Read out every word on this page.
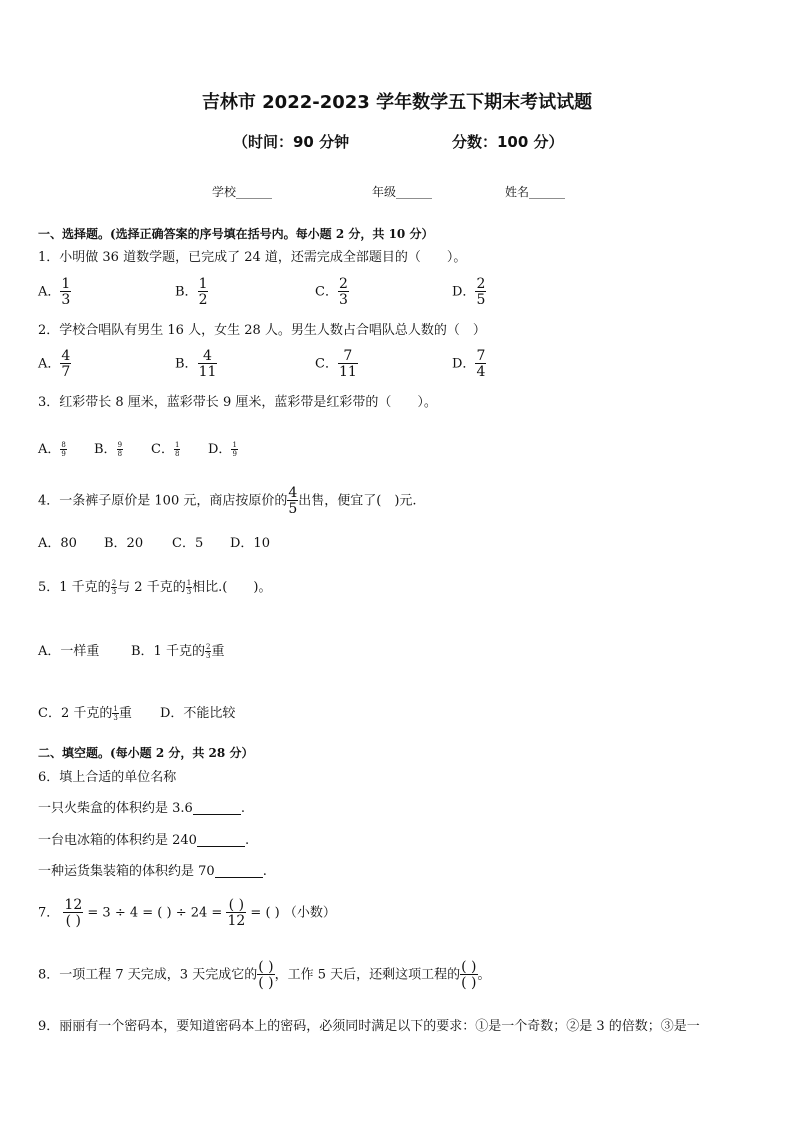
吉林市 2022-2023 学年数学五下期末考试试题
（时间：90 分钟	分数：100 分）
学校______	年级______	姓名______
一、选择题。(选择正确答案的序号填在括号内。每小题 2 分，共 10 分）
1．小明做 36 道数学题，已完成了 24 道，还需完成全部题目的（　　）。
A． $\frac{1}{3}$	B． $\frac{1}{2}$	C． $\frac{2}{3}$	D． $\frac{2}{5}$
2．学校合唱队有男生 16 人，女生 28 人。男生人数占合唱队总人数的（　）
A． $\frac{4}{7}$	B． $\frac{4}{11}$	C． $\frac{7}{11}$	D． $\frac{7}{4}$
3．红彩带长 8 厘米，蓝彩带长 9 厘米，蓝彩带是红彩带的（　　）。
A． $\frac{8}{9}$ B． $\frac{9}{8}$ C． $\frac{1}{8}$ D． $\frac{1}{9}$
4．一条裤子原价是 100 元，商店按原价的 $\frac{4}{5}$ 出售，便宜了(　)元.
A．80 B．20 C．5 D．10
5．1 千克的 $\frac{2}{3}$ 与 2 千克的 $\frac{1}{3}$ 相比.(　　)。
A．一样重 B．1 千克的 $\frac{2}{3}$ 重
C．2 千克的 $\frac{1}{3}$ 重 D．不能比较
二、填空题。(每小题 2 分，共 28 分）
6．填上合适的单位名称
一只火柴盒的体积约是 3.6	.
一台电冰箱的体积约是 240	.
一种运货集装箱的体积约是 70	.
7． $\frac{12}{( )} = 3 \div 4$ = ( ) ÷ $24 = \frac{( )}{12}$ = ( ) （小数）
8．一项工程 7 天完成，3 天完成它的 $\frac{( )}{( )}$ ，工作 5 天后，还剩这项工程的 $\frac{( )}{( )}$ 。
9．丽丽有一个密码本，要知道密码本上的密码，必须同时满足以下的要求：①是一个奇数；②是 3 的倍数；③是一
